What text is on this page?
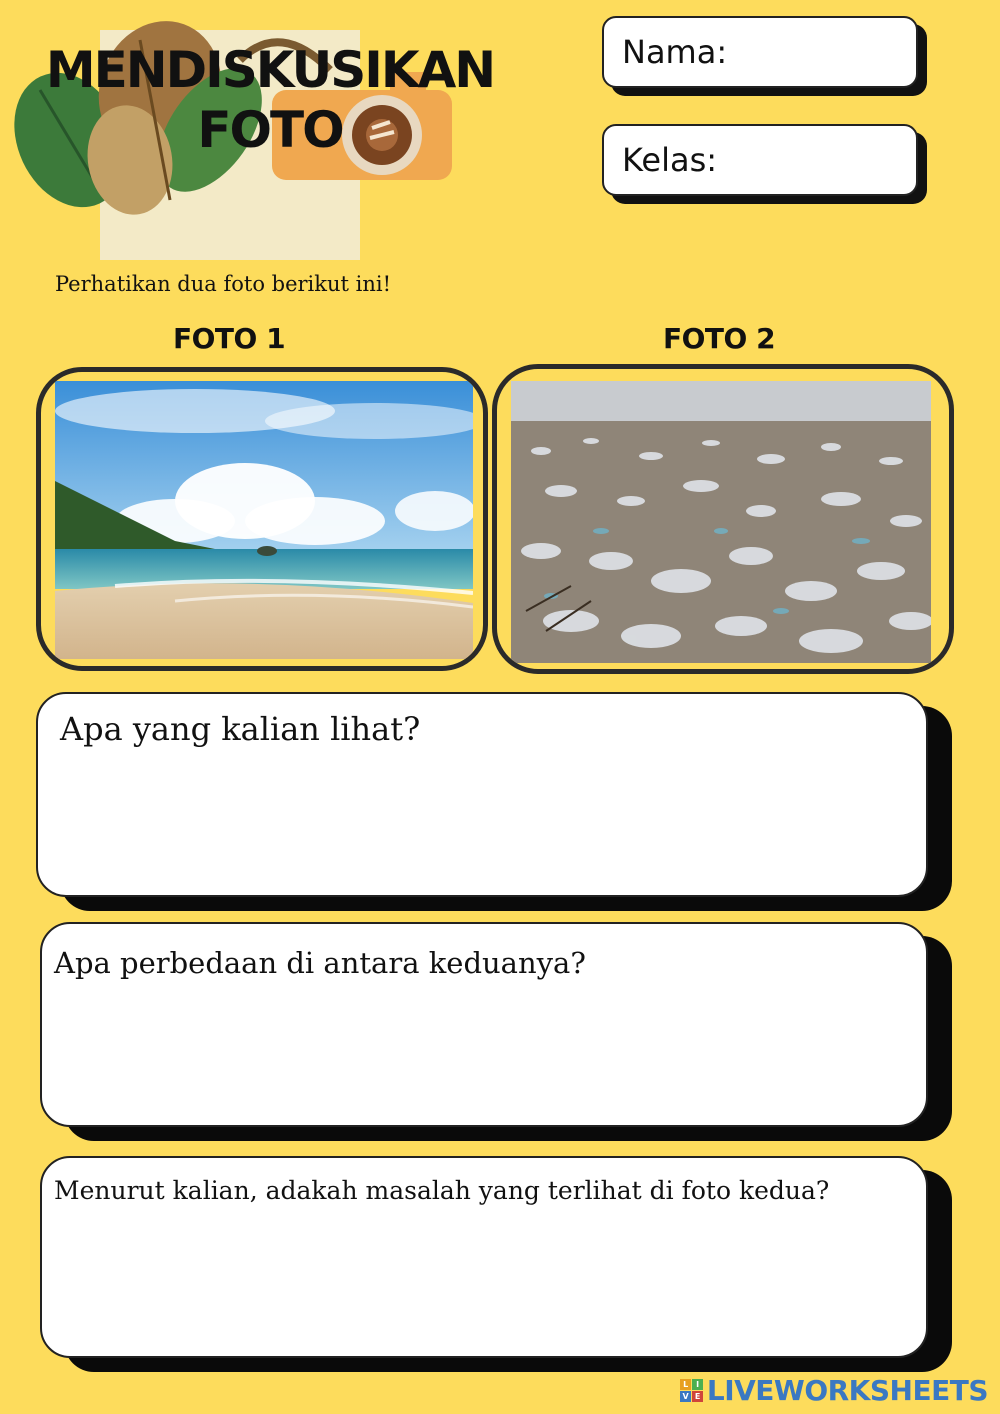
MENDISKUSIKAN
FOTO
Nama:
Kelas:
Perhatikan dua foto berikut ini!
FOTO 1	FOTO 2
Apa yang kalian lihat?
Apa perbedaan di antara keduanya?
Menurut kalian, adakah masalah yang terlihat di foto kedua?
L	I
V E LIVEWORKSHEETS
